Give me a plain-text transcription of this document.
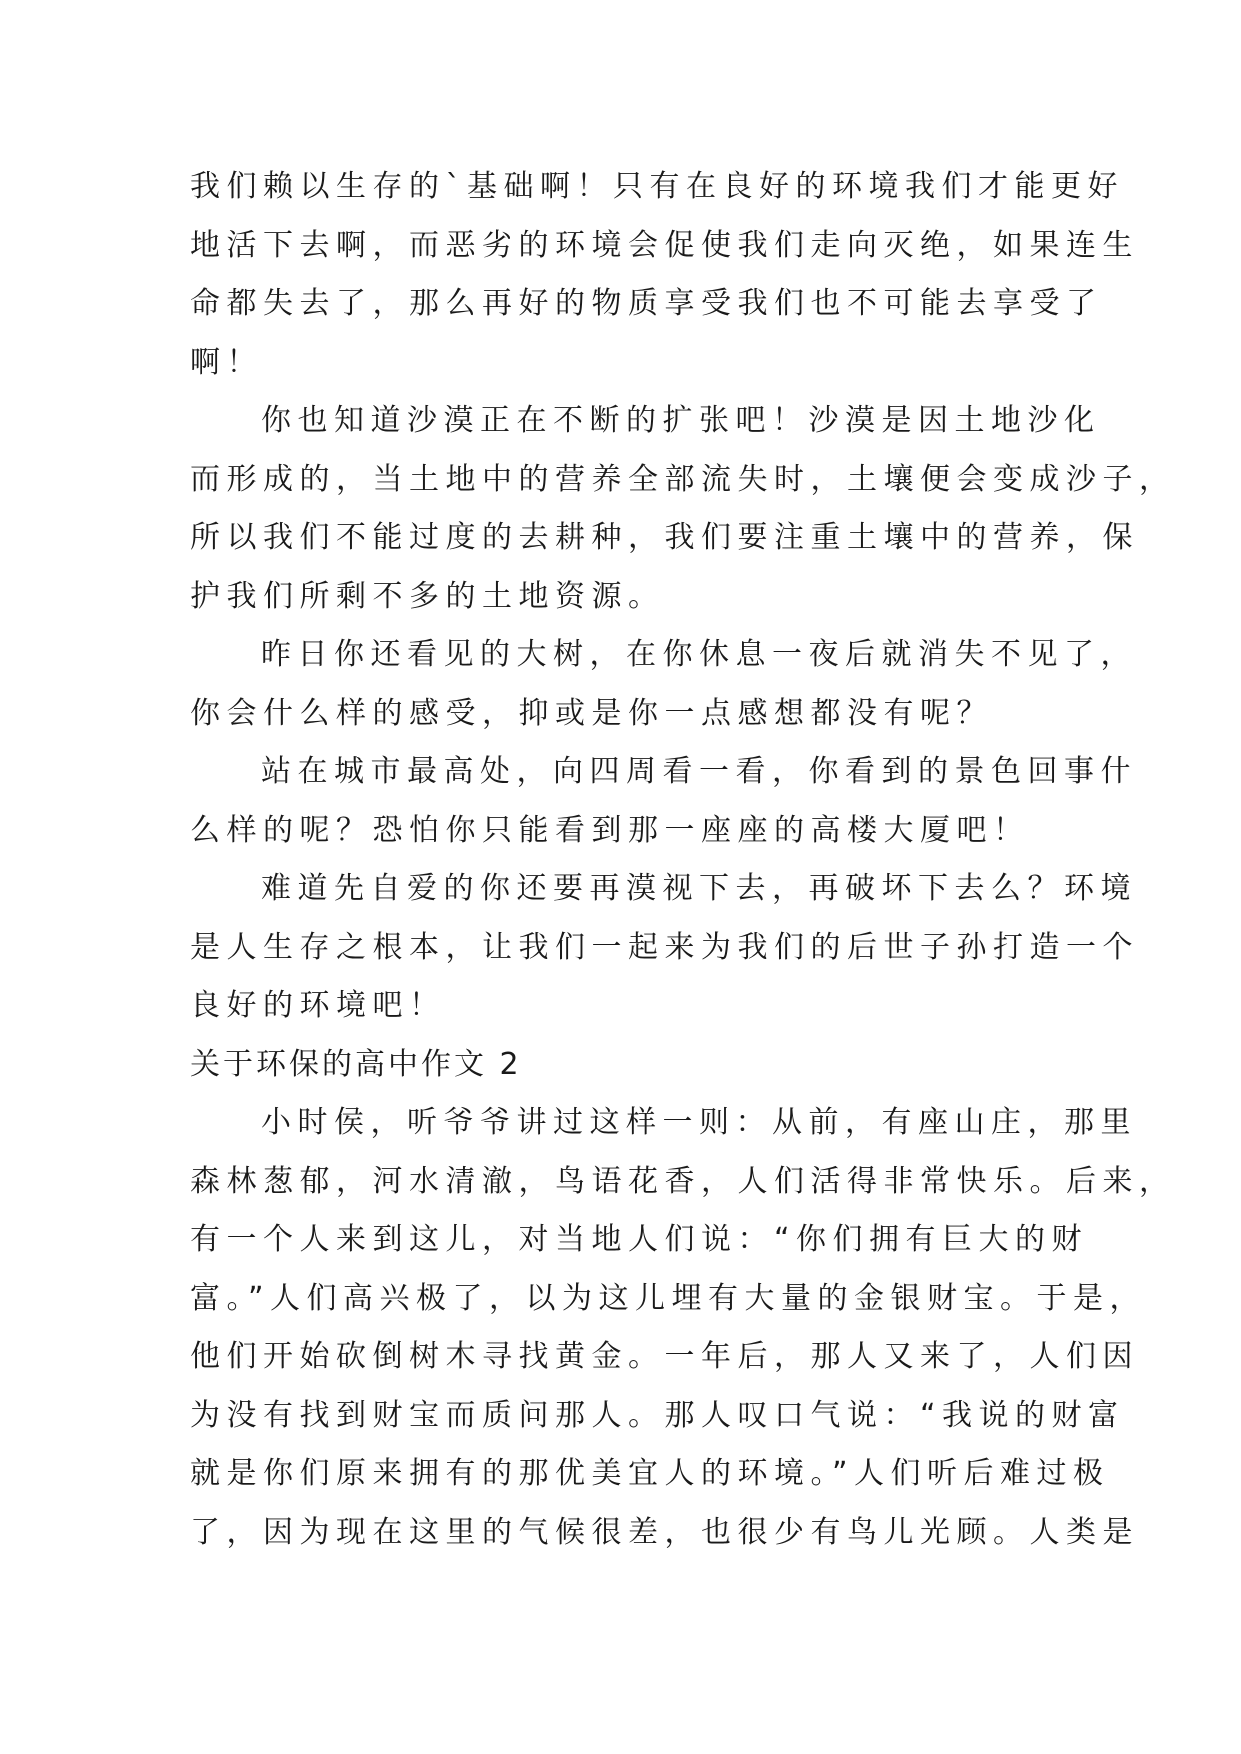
我们赖以生存的`基础啊！只有在良好的环境我们才能更好
地活下去啊，而恶劣的环境会促使我们走向灭绝，如果连生
命都失去了，那么再好的物质享受我们也不可能去享受了
啊！
你也知道沙漠正在不断的扩张吧！沙漠是因土地沙化
而形成的，当土地中的营养全部流失时，土壤便会变成沙子，
所以我们不能过度的去耕种，我们要注重土壤中的营养，保
护我们所剩不多的土地资源。
昨日你还看见的大树，在你休息一夜后就消失不见了，
你会什么样的感受，抑或是你一点感想都没有呢？
站在城市最高处，向四周看一看，你看到的景色回事什
么样的呢？恐怕你只能看到那一座座的高楼大厦吧！
难道先自爱的你还要再漠视下去，再破坏下去么？环境
是人生存之根本，让我们一起来为我们的后世子孙打造一个
良好的环境吧！
关于环保的高中作文 2
小时侯，听爷爷讲过这样一则：从前，有座山庄，那里
森林葱郁，河水清澈，鸟语花香，人们活得非常快乐。后来，
有一个人来到这儿，对当地人们说：“你们拥有巨大的财
富。”人们高兴极了，以为这儿埋有大量的金银财宝。于是，
他们开始砍倒树木寻找黄金。一年后，那人又来了，人们因
为没有找到财宝而质问那人。那人叹口气说：“我说的财富
就是你们原来拥有的那优美宜人的环境。”人们听后难过极
了，因为现在这里的气候很差，也很少有鸟儿光顾。人类是
